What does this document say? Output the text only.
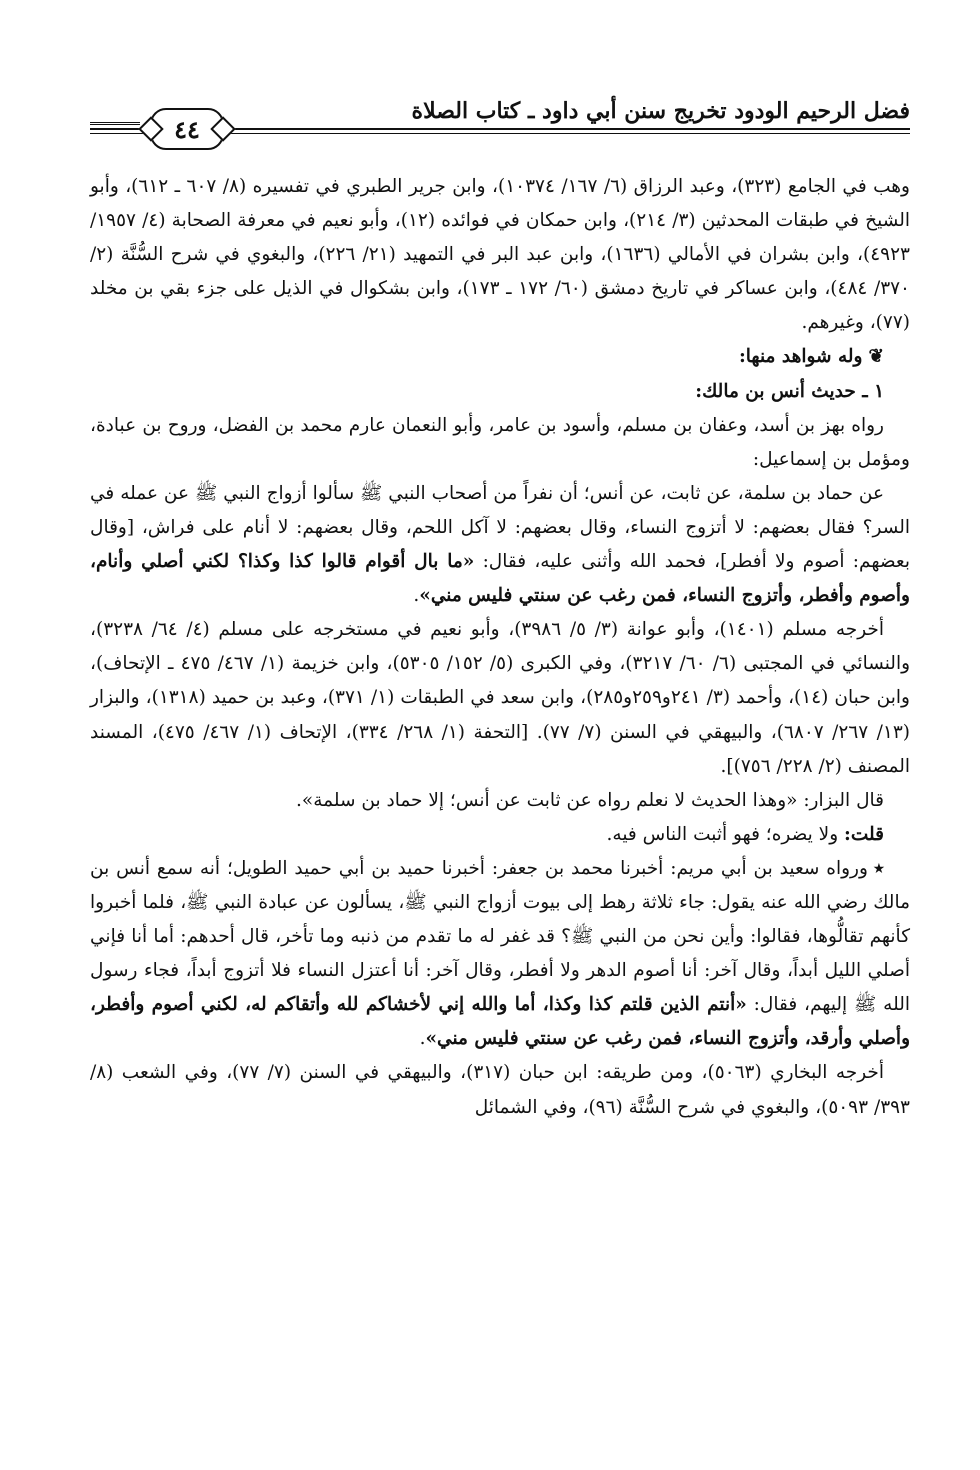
فضل الرحيم الودود تخريج سنن أبي داود ـ كتاب الصلاة
٤٤

وهب في الجامع (٣٢٣)، وعبد الرزاق (٦/ ١٦٧/ ١٠٣٧٤)، وابن جرير الطبري في تفسيره (٨/ ٦٠٧ ـ ٦١٢)، وأبو الشيخ في طبقات المحدثين (٣/ ٢١٤)، وابن حمكان في فوائده (١٢)، وأبو نعيم في معرفة الصحابة (٤/ ١٩٥٧/ ٤٩٢٣)، وابن بشران في الأمالي (١٦٣٦)، وابن عبد البر في التمهيد (٢١/ ٢٢٦)، والبغوي في شرح السُّنَّة (٢/ ٣٧٠/ ٤٨٤)، وابن عساكر في تاريخ دمشق (٦٠/ ١٧٢ ـ ١٧٣)، وابن بشكوال في الذيل على جزء بقي بن مخلد (٧٧)، وغيرهم.

❦وله شواهد منها:

١ ـ حديث أنس بن مالك:

رواه بهز بن أسد، وعفان بن مسلم، وأسود بن عامر، وأبو النعمان عارم محمد بن الفضل، وروح بن عبادة، ومؤمل بن إسماعيل:

عن حماد بن سلمة، عن ثابت، عن أنس؛ أن نفراً من أصحاب النبي ﷺ سألوا أزواج النبي ﷺ عن عمله في السر؟ فقال بعضهم: لا أتزوج النساء، وقال بعضهم: لا آكل اللحم، وقال بعضهم: لا أنام على فراش، [وقال بعضهم: أصوم ولا أفطر]، فحمد الله وأثنى عليه، فقال: «ما بال أقوام قالوا كذا وكذا؟ لكني أصلي وأنام، وأصوم وأفطر، وأتزوج النساء، فمن رغب عن سنتي فليس مني».

أخرجه مسلم (١٤٠١)، وأبو عوانة (٣/ ٥/ ٣٩٨٦)، وأبو نعيم في مستخرجه على مسلم (٤/ ٦٤/ ٣٢٣٨)، والنسائي في المجتبى (٦/ ٦٠/ ٣٢١٧)، وفي الكبرى (٥/ ١٥٢/ ٥٣٠٥)، وابن خزيمة (١/ ٤٦٧/ ٤٧٥ ـ الإتحاف)، وابن حبان (١٤)، وأحمد (٣/ ٢٤١و٢٥٩و٢٨٥)، وابن سعد في الطبقات (١/ ٣٧١)، وعبد بن حميد (١٣١٨)، والبزار (١٣/ ٢٦٧/ ٦٨٠٧)، والبيهقي في السنن (٧/ ٧٧). [التحفة (١/ ٢٦٨/ ٣٣٤)، الإتحاف (١/ ٤٦٧/ ٤٧٥)، المسند المصنف (٢/ ٢٢٨/ ٧٥٦)].

قال البزار: «وهذا الحديث لا نعلم رواه عن ثابت عن أنس؛ إلا حماد بن سلمة».

قلت: ولا يضره؛ فهو أثبت الناس فيه.

٭ورواه سعيد بن أبي مريم: أخبرنا محمد بن جعفر: أخبرنا حميد بن أبي حميد الطويل؛ أنه سمع أنس بن مالك رضي الله عنه يقول: جاء ثلاثة رهط إلى بيوت أزواج النبي ﷺ، يسألون عن عبادة النبي ﷺ، فلما أخبروا كأنهم تقالُّوها، فقالوا: وأين نحن من النبي ﷺ؟ قد غفر له ما تقدم من ذنبه وما تأخر، قال أحدهم: أما أنا فإني أصلي الليل أبداً، وقال آخر: أنا أصوم الدهر ولا أفطر، وقال آخر: أنا أعتزل النساء فلا أتزوج أبداً، فجاء رسول الله ﷺ إليهم، فقال: «أنتم الذين قلتم كذا وكذا، أما والله إني لأخشاكم لله وأتقاكم له، لكني أصوم وأفطر، وأصلي وأرقد، وأتزوج النساء، فمن رغب عن سنتي فليس مني».

أخرجه البخاري (٥٠٦٣)، ومن طريقه: ابن حبان (٣١٧)، والبيهقي في السنن (٧/ ٧٧)، وفي الشعب (٨/ ٣٩٣/ ٥٠٩٣)، والبغوي في شرح السُّنَّة (٩٦)، وفي الشمائل
